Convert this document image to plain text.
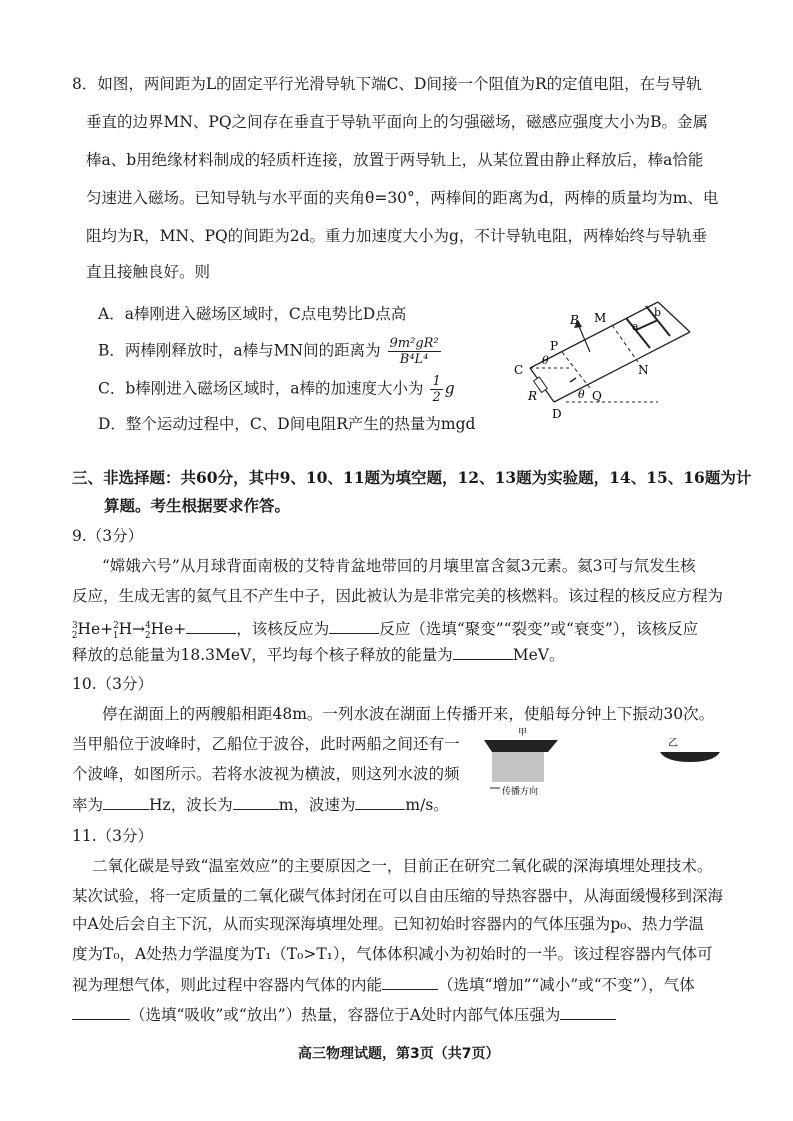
8．如图，两间距为L的固定平行光滑导轨下端C、D间接一个阻值为R的定值电阻，在与导轨
垂直的边界MN、PQ之间存在垂直于导轨平面向上的匀强磁场，磁感应强度大小为B。金属
棒a、b用绝缘材料制成的轻质杆连接，放置于两导轨上，从某位置由静止释放后，棒a恰能
匀速进入磁场。已知导轨与水平面的夹角θ=30°，两棒间的距离为d，两棒的质量均为m、电
阻均为R，MN、PQ的间距为2d。重力加速度大小为g，不计导轨电阻，两棒始终与导轨垂
直且接触良好。则
A．a棒刚进入磁场区域时，C点电势比D点高
B．两棒刚释放时，a棒与MN间的距离为 $\frac{\text{9m²gR²}}{\text{B⁴L⁴}}$
C．b棒刚进入磁场区域时，a棒的加速度大小为 $\frac{1}{2}$ g
D．整个运动过程中，C、D间电阻R产生的热量为mgd
B M
P
C	N
Q
D
R
a
b
θ
θ
三、非选择题：共60分，其中9、10、11题为填空题，12、13题为实验题，14、15、16题为计
算题。考生根据要求作答。
9.（3分）
“嫦娥六号”从月球背面南极的艾特肯盆地带回的月壤里富含氦3元素。氦3可与氘发生核
反应，生成无害的氦气且不产生中子，因此被认为是非常完美的核燃料。该过程的核反应方程为
$^3_2$He+$^2_1$H→$^4_2$He+	，该核反应为	反应（选填“聚变”“裂变”或“衰变”），该核反应
释放的总能量为18.3MeV，平均每个核子释放的能量为	MeV。
10.（3分）
停在湖面上的两艘船相距48m。一列水波在湖面上传播开来，使船每分钟上下振动30次。
当甲船位于波峰时，乙船位于波谷，此时两船之间还有一
个波峰，如图所示。若将水波视为横波，则这列水波的频
率为	Hz，波长为	m，波速为	m/s。
甲
传播方向
乙
11.（3分）
二氧化碳是导致“温室效应”的主要原因之一，目前正在研究二氧化碳的深海填埋处理技术。
某次试验，将一定质量的二氧化碳气体封闭在可以自由压缩的导热容器中，从海面缓慢移到深海
中A处后会自主下沉，从而实现深海填埋处理。已知初始时容器内的气体压强为p₀、热力学温
度为T₀，A处热力学温度为T₁（T₀>T₁），气体体积减小为初始时的一半。该过程容器内气体可
视为理想气体，则此过程中容器内气体的内能	（选填“增加”“减小”或“不变”），气体
（选填“吸收”或“放出”）热量，容器位于A处时内部气体压强为
高三物理试题，第3页（共7页）
